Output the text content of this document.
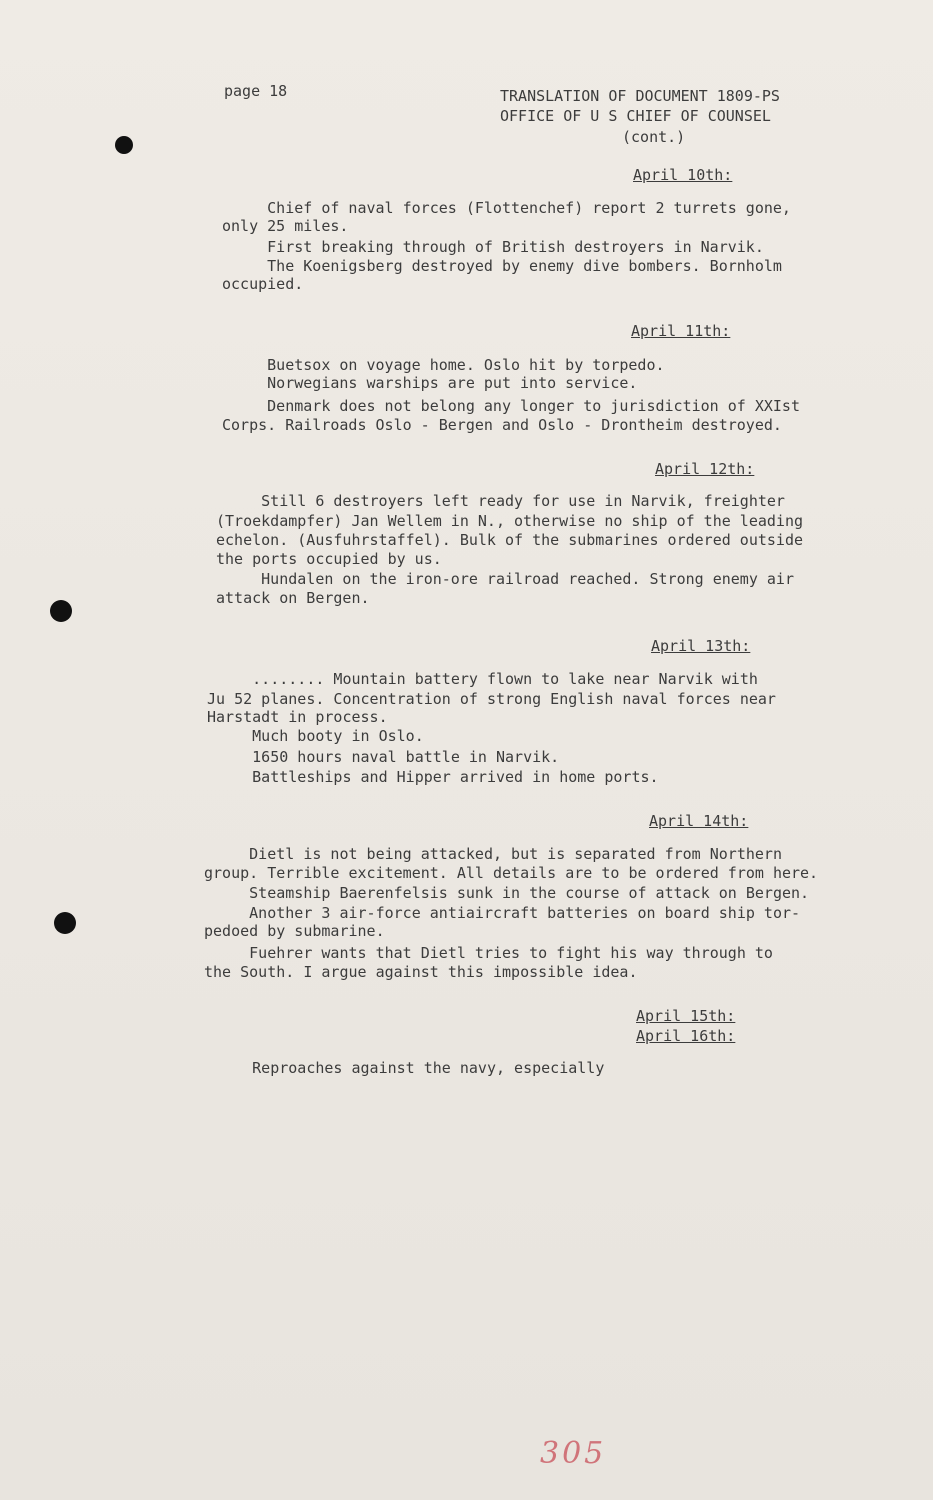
page 18	TRANSLATION OF DOCUMENT 1809-PS
OFFICE OF U S CHIEF OF COUNSEL
(cont.)
April 10th:
Chief of naval forces (Flottenchef) report 2 turrets gone,
only 25 miles.
First breaking through of British destroyers in Narvik.
The Koenigsberg destroyed by enemy dive bombers. Bornholm
occupied.
April 11th:
Buetsox on voyage home. Oslo hit by torpedo.
Norwegians warships are put into service.
Denmark does not belong any longer to jurisdiction of XXIst
Corps. Railroads Oslo - Bergen and Oslo - Drontheim destroyed.
April 12th:
Still 6 destroyers left ready for use in Narvik, freighter
(Troekdampfer) Jan Wellem in N., otherwise no ship of the leading
echelon. (Ausfuhrstaffel). Bulk of the submarines ordered outside
the ports occupied by us.
Hundalen on the iron-ore railroad reached. Strong enemy air
attack on Bergen.
April 13th:
........ Mountain battery flown to lake near Narvik with
Ju 52 planes. Concentration of strong English naval forces near
Harstadt in process.
Much booty in Oslo.
1650 hours naval battle in Narvik.
Battleships and Hipper arrived in home ports.
April 14th:
Dietl is not being attacked, but is separated from Northern
group. Terrible excitement. All details are to be ordered from here.
Steamship Baerenfelsis sunk in the course of attack on Bergen.
Another 3 air-force antiaircraft batteries on board ship tor-
pedoed by submarine.
Fuehrer wants that Dietl tries to fight his way through to
the South. I argue against this impossible idea.
April 15th:
April 16th:
Reproaches against the navy, especially
305
